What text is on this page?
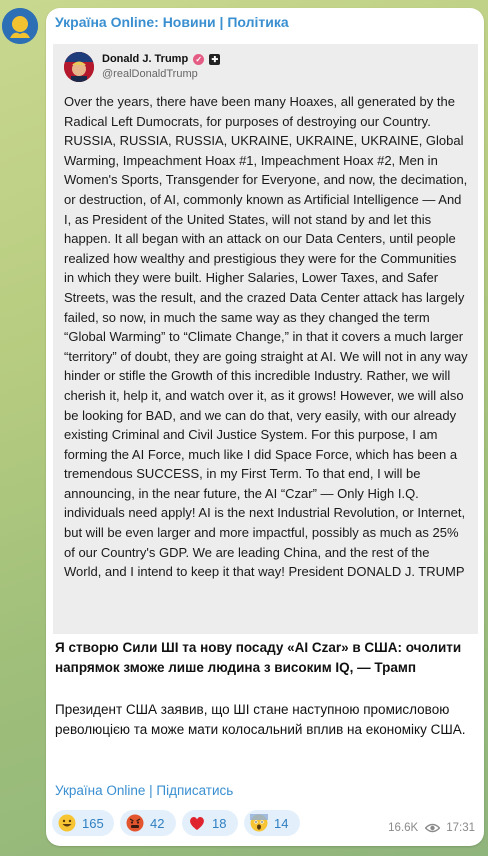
Україна Online: Новини | Політика
Donald J. Trump ✓ ✚
@realDonaldTrump

Over the years, there have been many Hoaxes, all generated by the Radical Left Dumocrats, for purposes of destroying our Country. RUSSIA, RUSSIA, RUSSIA, UKRAINE, UKRAINE, UKRAINE, Global Warming, Impeachment Hoax #1, Impeachment Hoax #2, Men in Women's Sports, Transgender for Everyone, and now, the decimation, or destruction, of AI, commonly known as Artificial Intelligence — And I, as President of the United States, will not stand by and let this happen. It all began with an attack on our Data Centers, until people realized how wealthy and prestigious they were for the Communities in which they were built. Higher Salaries, Lower Taxes, and Safer Streets, was the result, and the crazed Data Center attack has largely failed, so now, in much the same way as they changed the term “Global Warming” to “Climate Change,” in that it covers a much larger “territory” of doubt, they are going straight at AI. We will not in any way hinder or stifle the Growth of this incredible Industry. Rather, we will cherish it, help it, and watch over it, as it grows! However, we will also be looking for BAD, and we can do that, very easily, with our already existing Criminal and Civil Justice System. For this purpose, I am forming the AI Force, much like I did Space Force, which has been a tremendous SUCCESS, in my First Term. To that end, I will be announcing, in the near future, the AI “Czar” — Only High I.Q. individuals need apply! AI is the next Industrial Revolution, or Internet, but will be even larger and more impactful, possibly as much as 25% of our Country's GDP. We are leading China, and the rest of the World, and I intend to keep it that way! President DONALD J. TRUMP

Я створю Сили ШІ та нову посаду «AI Czar» в США: очолити напрямок зможе лише людина з високим IQ, — Трамп

Президент США заявив, що ШІ стане наступною промисловою революцією та може мати колосальний вплив на економіку США.

Україна Online | Підписатись
165	42	18	14	16.6K 17:31
